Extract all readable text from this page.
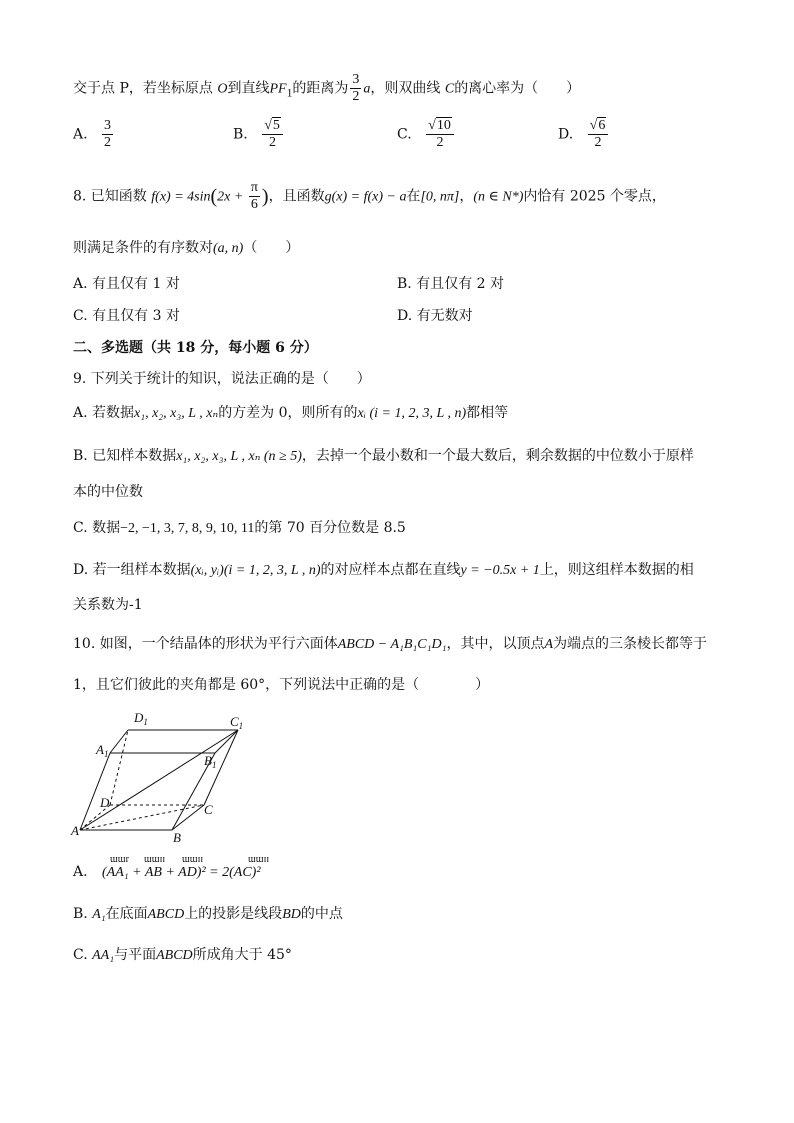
交于点 P，若坐标原点 O到直线$PF_1$的距离为 $\frac{3}{2}$ a，则双曲线 C的离心率为（　　）
A. $\frac{3}{2}$	B. $\frac{√5}{2}$	C. $\frac{√10}{2}$	D. $\frac{√6}{2}$
8. 已知函数 $f(x) = 4\sin(2x + \frac{\pi}{6}$ )，且函数g(x) = f(x) − a在[0, nπ]，(n ∈ N*)内恰有 2025 个零点，
则满足条件的有序数对(a, n)（　　）
A. 有且仅有 1 对	B. 有且仅有 2 对
C. 有且仅有 3 对	D. 有无数对
二、多选题（共 18 分，每小题 6 分）
9. 下列关于统计的知识，说法正确的是（　　）
A. 若数据x₁, x₂, x₃, L , xₙ的方差为 0，则所有的xᵢ (i = 1, 2, 3, L , n)都相等
B. 已知样本数据x₁, x₂, x₃, L , xₙ (n ≥ 5)，去掉一个最小数和一个最大数后，剩余数据的中位数小于原样
本的中位数
C. 数据−2, −1, 3, 7, 8, 9, 10, 11的第 70 百分位数是 8.5
D. 若一组样本数据(xᵢ, yᵢ)(i = 1, 2, 3, L , n)的对应样本点都在直线y = −0.5x + 1上，则这组样本数据的相
关系数为-1
10. 如图，一个结晶体的形状为平行六面体ABCD − A₁B₁C₁D₁，其中，以顶点A为端点的三条棱长都等于
1，且它们彼此的夹角都是 60°，下列说法中正确的是（　　　　）
$D_1$	$C_1$
$A_1$	$B_1$
D	C
A	B
A.
ɯɯr ɯɯɪɪ ɯɯɪɪ	ɯɯɪɪ
(AA₁ + AB + AD)² = 2(AC)²
B. A₁在底面ABCD上的投影是线段BD的中点
C. AA₁与平面ABCD所成角大于 45°
